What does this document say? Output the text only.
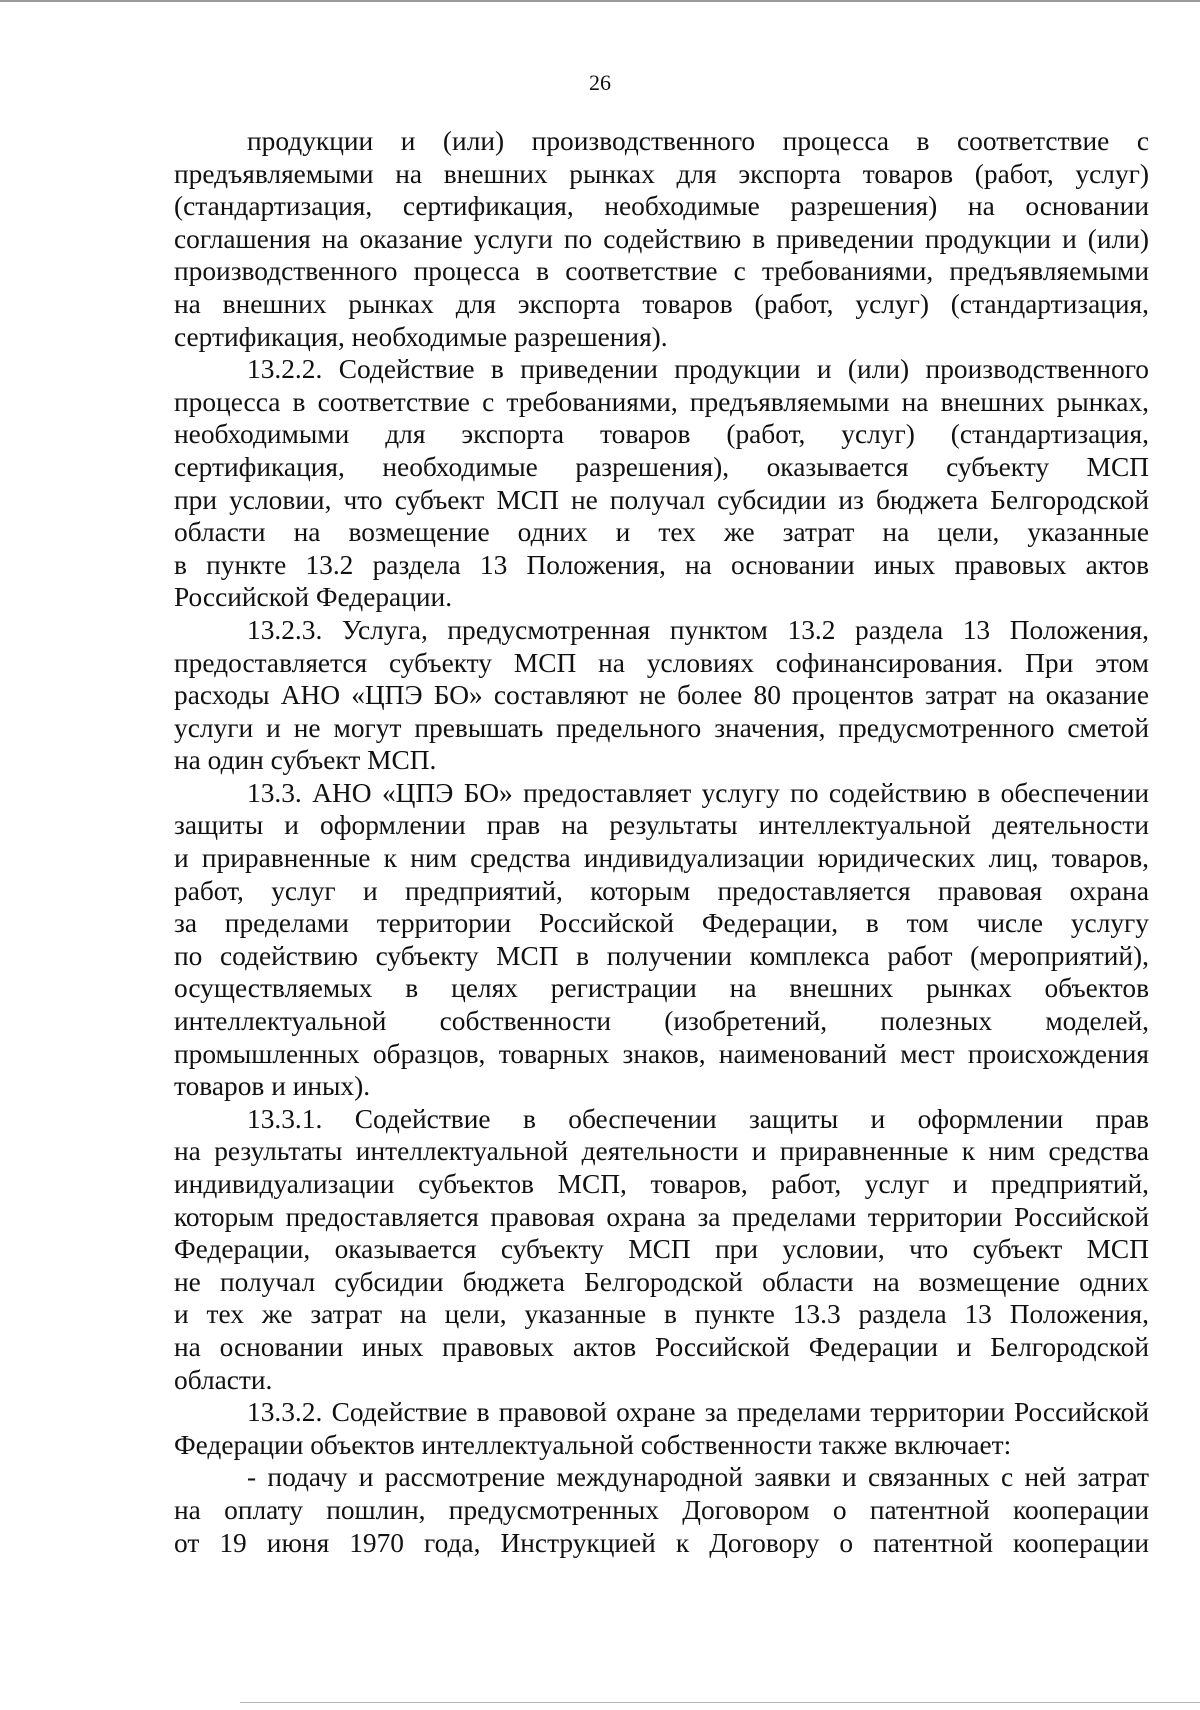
26
продукции и (или) производственного процесса в соответствие с
предъявляемыми на внешних рынках для экспорта товаров (работ, услуг)
(стандартизация, сертификация, необходимые разрешения) на основании
соглашения на оказание услуги по содействию в приведении продукции и (или)
производственного процесса в соответствие с требованиями, предъявляемыми
на внешних рынках для экспорта товаров (работ, услуг) (стандартизация,
сертификация, необходимые разрешения).
13.2.2. Содействие в приведении продукции и (или) производственного
процесса в соответствие с требованиями, предъявляемыми на внешних рынках,
необходимыми для экспорта товаров (работ, услуг) (стандартизация,
сертификация, необходимые разрешения), оказывается субъекту МСП
при условии, что субъект МСП не получал субсидии из бюджета Белгородской
области на возмещение одних и тех же затрат на цели, указанные
в пункте 13.2 раздела 13 Положения, на основании иных правовых актов
Российской Федерации.
13.2.3. Услуга, предусмотренная пунктом 13.2 раздела 13 Положения,
предоставляется субъекту МСП на условиях софинансирования. При этом
расходы АНО «ЦПЭ БО» составляют не более 80 процентов затрат на оказание
услуги и не могут превышать предельного значения, предусмотренного сметой
на один субъект МСП.
13.3. АНО «ЦПЭ БО» предоставляет услугу по содействию в обеспечении
защиты и оформлении прав на результаты интеллектуальной деятельности
и приравненные к ним средства индивидуализации юридических лиц, товаров,
работ, услуг и предприятий, которым предоставляется правовая охрана
за пределами территории Российской Федерации, в том числе услугу
по содействию субъекту МСП в получении комплекса работ (мероприятий),
осуществляемых в целях регистрации на внешних рынках объектов
интеллектуальной собственности (изобретений, полезных моделей,
промышленных образцов, товарных знаков, наименований мест происхождения
товаров и иных).
13.3.1. Содействие в обеспечении защиты и оформлении прав
на результаты интеллектуальной деятельности и приравненные к ним средства
индивидуализации субъектов МСП, товаров, работ, услуг и предприятий,
которым предоставляется правовая охрана за пределами территории Российской
Федерации, оказывается субъекту МСП при условии, что субъект МСП
не получал субсидии бюджета Белгородской области на возмещение одних
и тех же затрат на цели, указанные в пункте 13.3 раздела 13 Положения,
на основании иных правовых актов Российской Федерации и Белгородской
области.
13.3.2. Содействие в правовой охране за пределами территории Российской
Федерации объектов интеллектуальной собственности также включает:
- подачу и рассмотрение международной заявки и связанных с ней затрат
на оплату пошлин, предусмотренных Договором о патентной кооперации
от 19 июня 1970 года, Инструкцией к Договору о патентной кооперации
